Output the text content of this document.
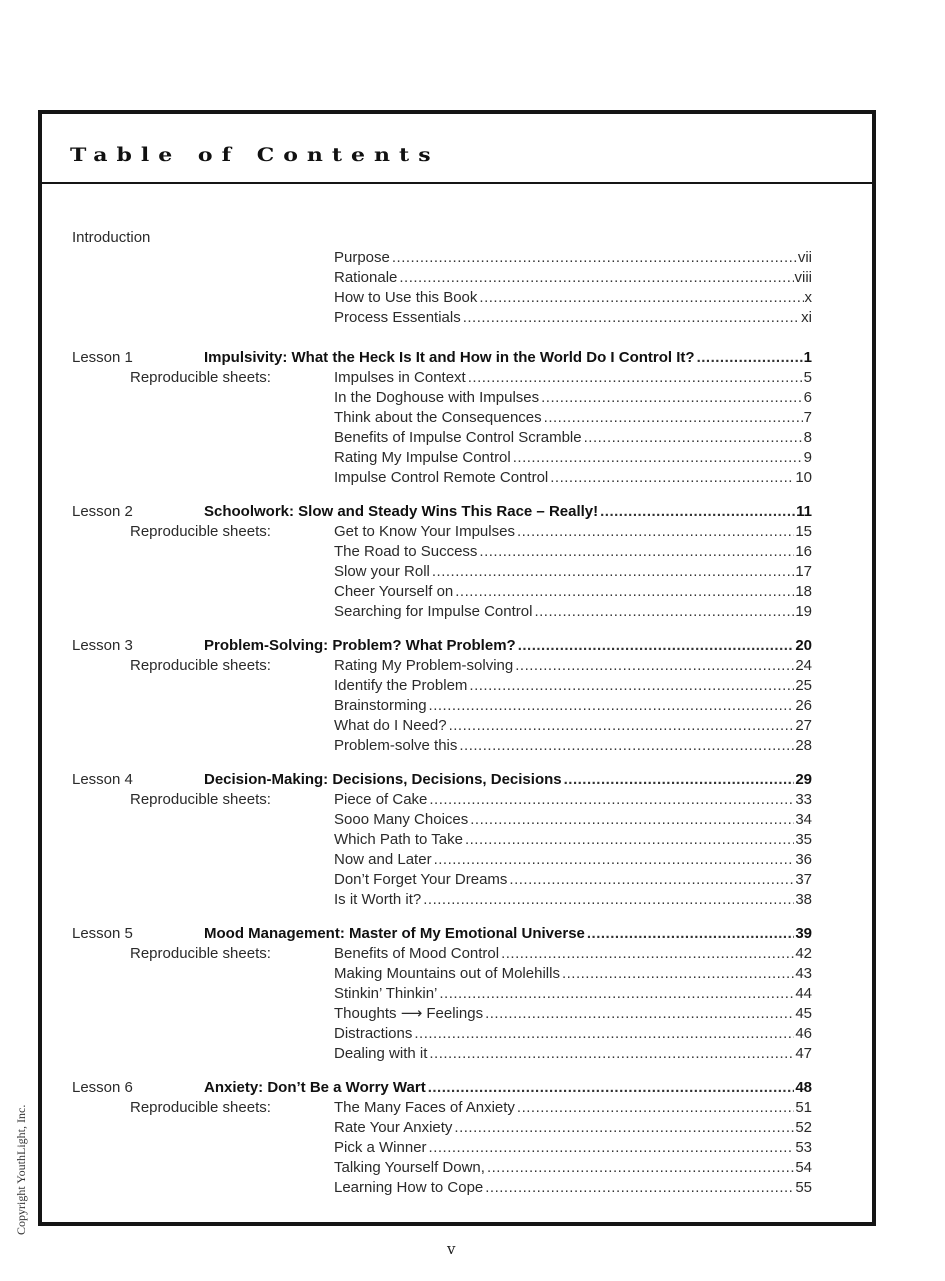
Table of Contents
Introduction
Purpose .....	vii
Rationale .....	viii
How to Use this Book .....	x
Process Essentials .....	xi
Lesson 1	Impulsivity: What the Heck Is It and How in the World Do I Control It? .....	1
Reproducible sheets:	Impulses in Context .....	5
In the Doghouse with Impulses .....	6
Think about the Consequences .....	7
Benefits of Impulse Control Scramble .....	8
Rating My Impulse Control .....	9
Impulse Control Remote Control .....	10
Lesson 2	Schoolwork: Slow and Steady Wins This Race – Really! .....	11
Reproducible sheets:	Get to Know Your Impulses .....	15
The Road to Success .....	16
Slow your Roll .....	17
Cheer Yourself on .....	18
Searching for Impulse Control .....	19
Lesson 3	Problem-Solving: Problem? What Problem? .....	20
Reproducible sheets:	Rating My Problem-solving .....	24
Identify the Problem .....	25
Brainstorming .....	26
What do I Need? .....	27
Problem-solve this .....	28
Lesson 4	Decision-Making: Decisions, Decisions, Decisions .....	29
Reproducible sheets:	Piece of Cake .....	33
Sooo Many Choices .....	34
Which Path to Take .....	35
Now and Later .....	36
Don’t Forget Your Dreams .....	37
Is it Worth it? .....	38
Lesson 5	Mood Management: Master of My Emotional Universe .....	39
Reproducible sheets:	Benefits of Mood Control .....	42
Making Mountains out of Molehills .....	43
Stinkin’ Thinkin’ .....	44
Thoughts ⟶ Feelings .....	45
Distractions .....	46
Dealing with it .....	47
Lesson 6	Anxiety: Don’t Be a Worry Wart .....	48
Reproducible sheets:	The Many Faces of Anxiety .....	51
Rate Your Anxiety .....	52
Pick a Winner .....	53
Talking Yourself Down, .....	54
Learning How to Cope .....	55
Copyright YouthLight, Inc.
v
